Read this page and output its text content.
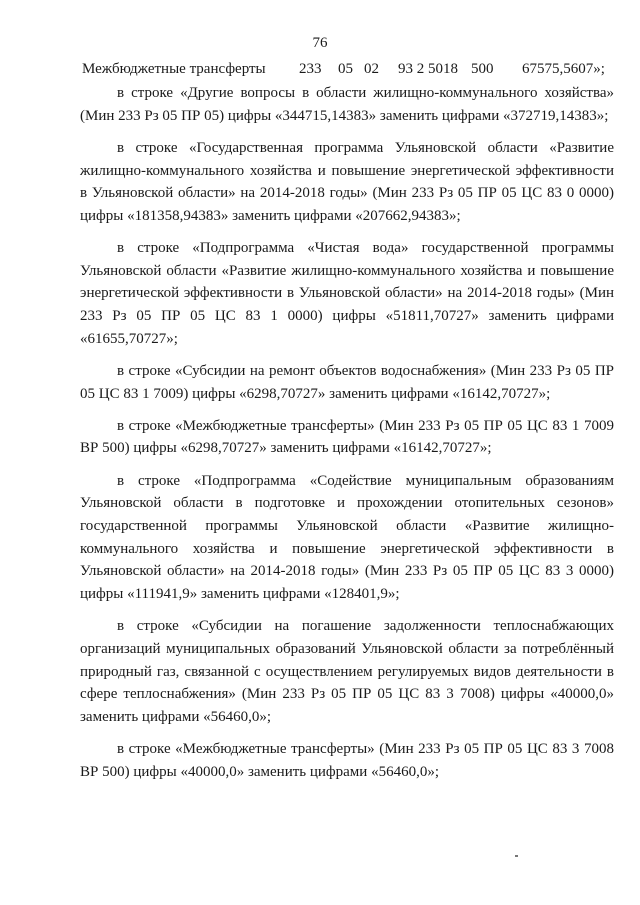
76
Межбюджетные трансферты 233 05 02 93 2 5018 500 67575,5607»;

в строке «Другие вопросы в области жилищно-коммунального хозяйства» (Мин 233 Рз 05 ПР 05) цифры «344715,14383» заменить цифрами «372719,14383»;

в строке «Государственная программа Ульяновской области «Развитие жилищно-коммунального хозяйства и повышение энергетической эффективности в Ульяновской области» на 2014-2018 годы» (Мин 233 Рз 05 ПР 05 ЦС 83 0 0000) цифры «181358,94383» заменить цифрами «207662,94383»;

в строке «Подпрограмма «Чистая вода» государственной программы Ульяновской области «Развитие жилищно-коммунального хозяйства и повышение энергетической эффективности в Ульяновской области» на 2014-2018 годы» (Мин 233 Рз 05 ПР 05 ЦС 83 1 0000) цифры «51811,70727» заменить цифрами «61655,70727»;

в строке «Субсидии на ремонт объектов водоснабжения» (Мин 233 Рз 05 ПР 05 ЦС 83 1 7009) цифры «6298,70727» заменить цифрами «16142,70727»;

в строке «Межбюджетные трансферты» (Мин 233 Рз 05 ПР 05 ЦС 83 1 7009 ВР 500) цифры «6298,70727» заменить цифрами «16142,70727»;

в строке «Подпрограмма «Содействие муниципальным образованиям Ульяновской области в подготовке и прохождении отопительных сезонов» государственной программы Ульяновской области «Развитие жилищно-коммунального хозяйства и повышение энергетической эффективности в Ульяновской области» на 2014-2018 годы» (Мин 233 Рз 05 ПР 05 ЦС 83 3 0000) цифры «111941,9» заменить цифрами «128401,9»;

в строке «Субсидии на погашение задолженности теплоснабжающих организаций муниципальных образований Ульяновской области за потреблённый природный газ, связанной с осуществлением регулируемых видов деятельности в сфере теплоснабжения» (Мин 233 Рз 05 ПР 05 ЦС 83 3 7008) цифры «40000,0» заменить цифрами «56460,0»;

в строке «Межбюджетные трансферты» (Мин 233 Рз 05 ПР 05 ЦС 83 3 7008 ВР 500) цифры «40000,0» заменить цифрами «56460,0»;
